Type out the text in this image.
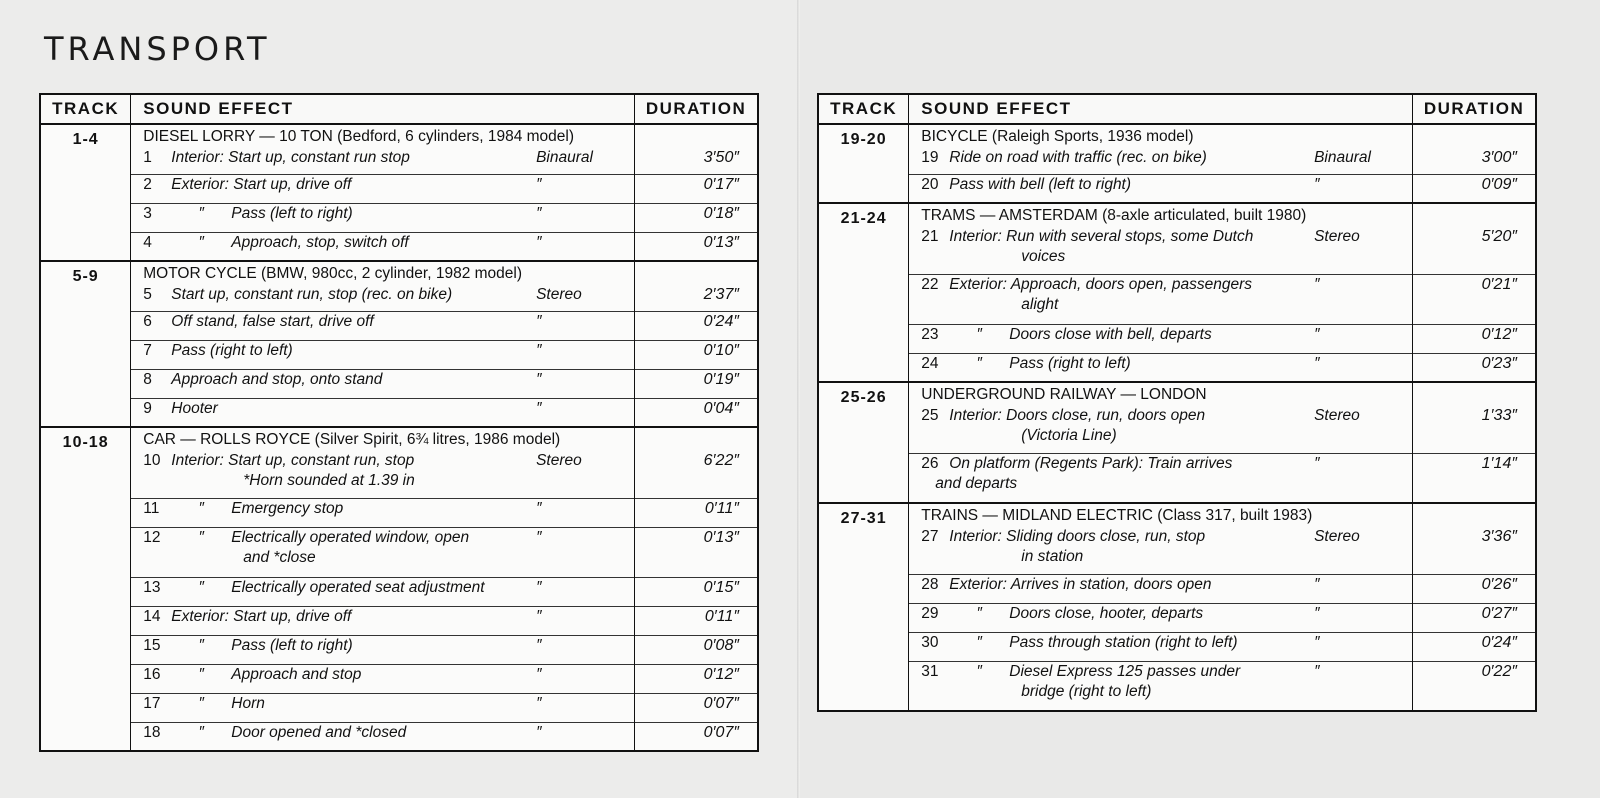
TRANSPORT
TRACK	SOUND EFFECT	DURATION
1-4	DIESEL LORRY — 10 TON (Bedford, 6 cylinders, 1984 model)
1 Interior: Start up, constant run stop Binaural	3′50″

	2 Exterior: Start up, drive off ″	0′17″

	3 ″ Pass (left to right) ″	0′18″

	4 ″ Approach, stop, switch off ″	0′13″
5-9	MOTOR CYCLE (BMW, 980cc, 2 cylinder, 1982 model)
5 Start up, constant run, stop (rec. on bike) Stereo	2′37″

	6 Off stand, false start, drive off ″	0′24″

	7 Pass (right to left) ″	0′10″

	8 Approach and stop, onto stand ″	0′19″

	9 Hooter ″	0′04″
10-18	CAR — ROLLS ROYCE (Silver Spirit, 6¾ litres, 1986 model)
10 Interior: Start up, constant run, stop Stereo
*Horn sounded at 1.39 in	6′22″

	11 ″ Emergency stop ″	0′11″

	12 ″ Electrically operated window, open ″
and *close	0′13″

	13 ″ Electrically operated seat adjustment ″	0′15″

	14 Exterior: Start up, drive off ″	0′11″

	15 ″ Pass (left to right) ″	0′08″

	16 ″ Approach and stop ″	0′12″

	17 ″ Horn ″	0′07″

	18 ″ Door opened and *closed ″	0′07″
TRACK	SOUND EFFECT	DURATION
19-20	BICYCLE (Raleigh Sports, 1936 model)
19 Ride on road with traffic (rec. on bike) Binaural	3′00″

	20 Pass with bell (left to right) ″	0′09″
21-24	TRAMS — AMSTERDAM (8-axle articulated, built 1980)
21 Interior: Run with several stops, some Dutch Stereo
voices	5′20″

	22 Exterior: Approach, doors open, passengers ″
alight	0′21″

	23 ″ Doors close with bell, departs ″	0′12″

	24 ″ Pass (right to left) ″	0′23″
25-26	UNDERGROUND RAILWAY — LONDON
25 Interior: Doors close, run, doors open Stereo
(Victoria Line)	1′33″

	26 On platform (Regents Park): Train arrives ″
and departs	1′14″
27-31	TRAINS — MIDLAND ELECTRIC (Class 317, built 1983)
27 Interior: Sliding doors close, run, stop Stereo
in station	3′36″

	28 Exterior: Arrives in station, doors open ″	0′26″

	29 ″ Doors close, hooter, departs ″	0′27″

	30 ″ Pass through station (right to left) ″	0′24″

	31 ″ Diesel Express 125 passes under ″
bridge (right to left)	0′22″
